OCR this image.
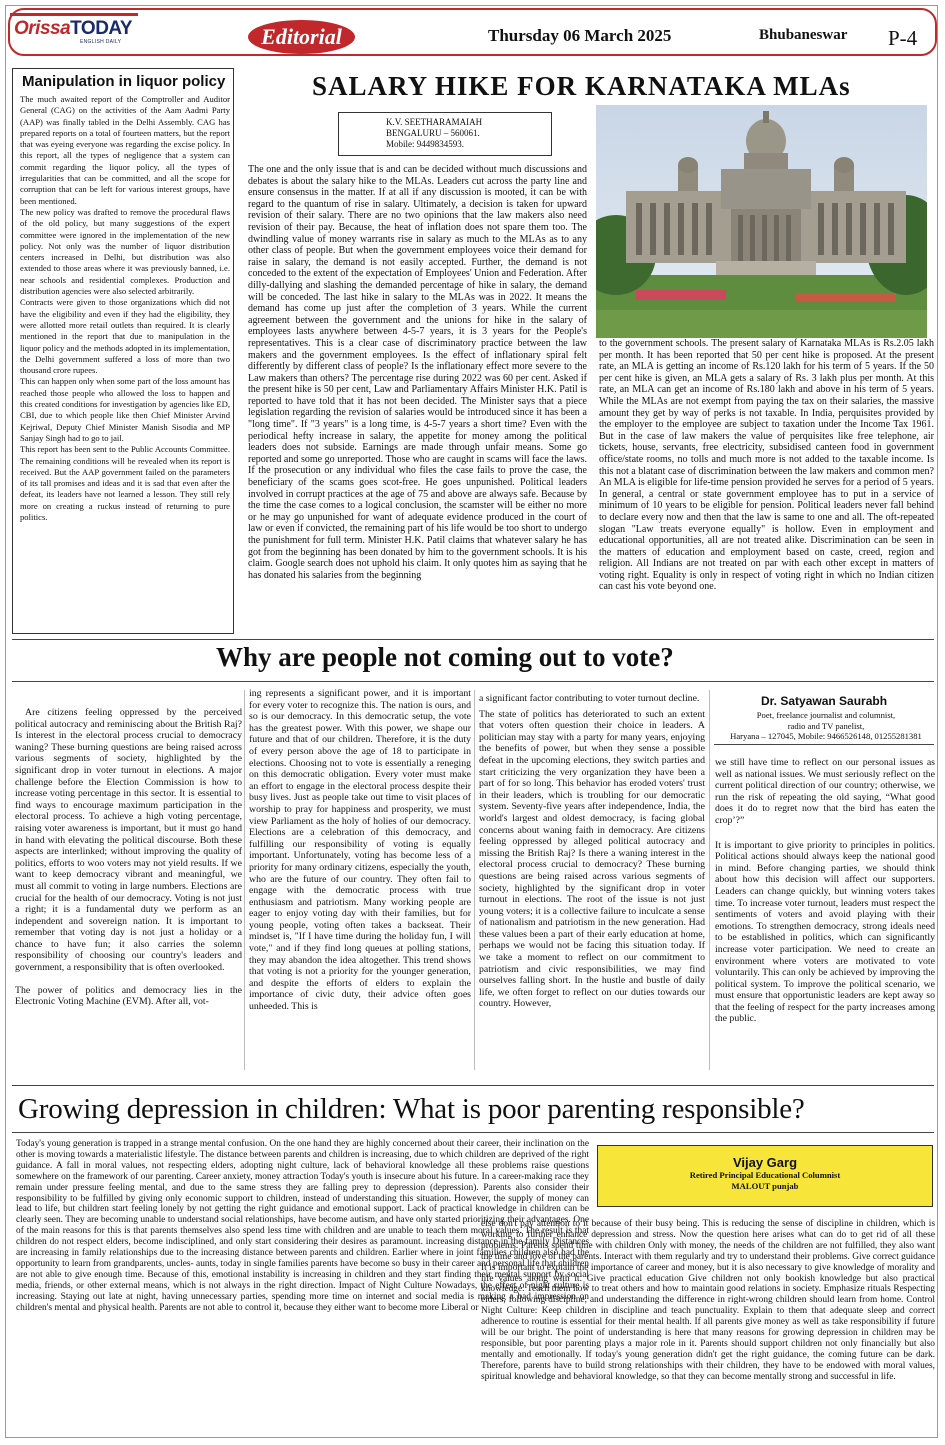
OrissaTODAY
ENGLISH DAILY	Editorial	Thursday 06 March 2025	Bhubaneswar P-4
Manipulation in liquor policy

The much awaited report of the Comptroller and Auditor General (CAG) on the activities of the Aam Aadmi Party (AAP) was finally tabled in the Delhi Assembly. CAG has prepared reports on a total of fourteen matters, but the report that was eyeing everyone was regarding the excise policy. In this report, all the types of negligence that a system can commit regarding the liquor policy, all the types of irregularities that can be committed, and all the scope for corruption that can be left for various interest groups, have been mentioned.

The new policy was drafted to remove the procedural flaws of the old policy, but many suggestions of the expert committee were ignored in the implementation of the new policy. Not only was the number of liquor distribution centers increased in Delhi, but distribution was also extended to those areas where it was previously banned, i.e. near schools and residential complexes. Production and distribution agencies were also selected arbitrarily.

Contracts were given to those organizations which did not have the eligibility and even if they had the eligibility, they were allotted more retail outlets than required. It is clearly mentioned in the report that due to manipulation in the liquor policy and the methods adopted in its implementation, the Delhi government suffered a loss of more than two thousand crore rupees.

This can happen only when some part of the loss amount has reached those people who allowed the loss to happen and this created conditions for investigation by agencies like ED, CBI, due to which people like then Chief Minister Arvind Kejriwal, Deputy Chief Minister Manish Sisodia and MP Sanjay Singh had to go to jail.

This report has been sent to the Public Accounts Committee. The remaining conditions will be revealed when its report is received. But the AAP government failed on the parameters of its tall promises and ideas and it is sad that even after the defeat, its leaders have not learned a lesson. They still rely more on creating a ruckus instead of returning to pure politics.

SALARY HIKE FOR KARNATAKA MLAs
K.V. SEETHARAMAIAH
BENGALURU – 560061.
Mobile: 9449834593.
The one and the only issue that is and can be decided without much discussions and debates is about the salary hike to the MLAs. Leaders cut across the party line and ensure consensus in the matter. If at all if any discussion is mooted, it can be with regard to the quantum of rise in salary. Ultimately, a decision is taken for upward revision of their salary. There are no two opinions that the law makers also need revision of their pay. Because, the heat of inflation does not spare them too. The dwindling value of money warrants rise in salary as much to the MLAs as to any other class of people. But when the government employees voice their demand for raise in salary, the demand is not easily accepted. Further, the demand is not conceded to the extent of the expectation of Employees' Union and Federation. After dilly-dallying and slashing the demanded percentage of hike in salary, the demand will be conceded. The last hike in salary to the MLAs was in 2022. It means the demand has come up just after the completion of 3 years. While the current agreement between the government and the unions for hike in the salary of employees lasts anywhere between 4-5-7 years, it is 3 years for the People's representatives. This is a clear case of discriminatory practice between the law makers and the government employees. Is the effect of inflationary spiral felt differently by different class of people? Is the inflationary effect more severe to the Law makers than others? The percentage rise during 2022 was 60 per cent. Asked if the present hike is 50 per cent, Law and Parliamentary Affairs Minister H.K. Patil is reported to have told that it has not been decided. The Minister says that a piece legislation regarding the revision of salaries would be introduced since it has been a "long time". If "3 years" is a long time, is 4-5-7 years a short time? Even with the periodical hefty increase in salary, the appetite for money among the political leaders does not subside. Earnings are made through unfair means. Some go reported and some go unreported. Those who are caught in scams will face the laws. If the prosecution or any individual who files the case fails to prove the case, the beneficiary of the scams goes scot-free. He goes unpunished. Political leaders involved in corrupt practices at the age of 75 and above are always safe. Because by the time the case comes to a logical conclusion, the scamster will be either no more or he may go unpunished for want of adequate evidence produced in the court of law or even if convicted, the remaining part of his life would be too short to undergo the punishment for full term. Minister H.K. Patil claims that whatever salary he has got from the beginning has been donated by him to the government schools. It is his claim. Google search does not uphold his claim. It only quotes him as saying that he has donated his salaries from the beginning
to the government schools. The present salary of Karnataka MLAs is Rs.2.05 lakh per month. It has been reported that 50 per cent hike is proposed. At the present rate, an MLA is getting an income of Rs.120 lakh for his term of 5 years. If the 50 per cent hike is given, an MLA gets a salary of Rs. 3 lakh plus per month. At this rate, an MLA can get an income of Rs.180 lakh and above in his term of 5 years. While the MLAs are not exempt from paying the tax on their salaries, the massive amount they get by way of perks is not taxable. In India, perquisites provided by the employer to the employee are subject to taxation under the Income Tax 1961. But in the case of law makers the value of perquisites like free telephone, air tickets, house, servants, free electricity, subsidised canteen food in government office/state rooms, no tolls and much more is not added to the taxable income. Is this not a blatant case of discrimination between the law makers and common men? An MLA is eligible for life-time pension provided he serves for a period of 5 years. In general, a central or state government employee has to put in a service of minimum of 10 years to be eligible for pension. Political leaders never fall behind to declare every now and then that the law is same to one and all. The oft-repeated slogan "Law treats everyone equally" is hollow. Even in employment and educational opportunities, all are not treated alike. Discrimination can be seen in the matters of education and employment based on caste, creed, region and religion. All Indians are not treated on par with each other except in matters of voting right. Equality is only in respect of voting right in which no Indian citizen can cast his vote beyond one.
Why are people not coming out to vote?

Are citizens feeling oppressed by the perceived political autocracy and reminiscing about the British Raj? Is interest in the electoral process crucial to democracy waning? These burning questions are being raised across various segments of society, highlighted by the significant drop in voter turnout in elections. A major challenge before the Election Commission is how to increase voting percentage in this sector. It is essential to find ways to encourage maximum participation in the electoral process. To achieve a high voting percentage, raising voter awareness is important, but it must go hand in hand with elevating the political discourse. Both these aspects are interlinked; without improving the quality of politics, efforts to woo voters may not yield results. If we want to keep democracy vibrant and meaningful, we must all commit to voting in large numbers. Elections are crucial for the health of our democracy. Voting is not just a right; it is a fundamental duty we perform as an independent and sovereign nation. It is important to remember that voting day is not just a holiday or a chance to have fun; it also carries the solemn responsibility of choosing our country's leaders and government, a responsibility that is often overlooked.

The power of politics and democracy lies in the Electronic Voting Machine (EVM). After all, vot-

ing represents a significant power, and it is important for every voter to recognize this. The nation is ours, and so is our democracy. In this democratic setup, the vote has the greatest power. With this power, we shape our future and that of our children. Therefore, it is the duty of every person above the age of 18 to participate in elections. Choosing not to vote is essentially a reneging on this democratic obligation. Every voter must make an effort to engage in the electoral process despite their busy lives. Just as people take out time to visit places of worship to pray for happiness and prosperity, we must view Parliament as the holy of holies of our democracy. Elections are a celebration of this democracy, and fulfilling our responsibility of voting is equally important. Unfortunately, voting has become less of a priority for many ordinary citizens, especially the youth, who are the future of our country. They often fail to engage with the democratic process with true enthusiasm and patriotism. Many working people are eager to enjoy voting day with their families, but for young people, voting often takes a backseat. Their mindset is, "If I have time during the holiday fun, I will vote," and if they find long queues at polling stations, they may abandon the idea altogether. This trend shows that voting is not a priority for the younger generation, and despite the efforts of elders to explain the importance of civic duty, their advice often goes unheeded. This is

a significant factor contributing to voter turnout decline.

The state of politics has deteriorated to such an extent that voters often question their choice in leaders. A politician may stay with a party for many years, enjoying the benefits of power, but when they sense a possible defeat in the upcoming elections, they switch parties and start criticizing the very organization they have been a part of for so long. This behavior has eroded voters' trust in their leaders, which is troubling for our democratic system. Seventy-five years after independence, India, the world's largest and oldest democracy, is facing global concerns about waning faith in democracy. Are citizens feeling oppressed by alleged political autocracy and missing the British Raj? Is there a waning interest in the electoral process crucial to democracy? These burning questions are being raised across various segments of society, highlighted by the significant drop in voter turnout in elections. The root of the issue is not just young voters; it is a collective failure to inculcate a sense of nationalism and patriotism in the new generation. Had these values been a part of their early education at home, perhaps we would not be facing this situation today. If we take a moment to reflect on our commitment to patriotism and civic responsibilities, we may find ourselves falling short. In the hustle and bustle of daily life, we often forget to reflect on our duties towards our country. However,

Dr. Satyawan Saurabh
Poet, freelance journalist and columnist,
radio and TV panelist,
Haryana – 127045, Mobile: 9466526148, 01255281381

we still have time to reflect on our personal issues as well as national issues. We must seriously reflect on the current political direction of our country; otherwise, we run the risk of repeating the old saying, “What good does it do to regret now that the bird has eaten the crop’?”

It is important to give priority to principles in politics. Political actions should always keep the national good in mind. Before changing parties, we should think about how this decision will affect our supporters. Leaders can change quickly, but winning voters takes time. To increase voter turnout, leaders must respect the sentiments of voters and avoid playing with their emotions. To strengthen democracy, strong ideals need to be established in politics, which can significantly increase voter participation. We need to create an environment where voters are motivated to vote voluntarily. This can only be achieved by improving the political system. To improve the political scenario, we must ensure that opportunistic leaders are kept away so that the feeling of respect for the party increases among the public.

Growing depression in children: What is poor parenting responsible?
Today's young generation is trapped in a strange mental confusion. On the one hand they are highly concerned about their career, their inclination on the other is moving towards a materialistic lifestyle. The distance between parents and children is increasing, due to which children are deprived of the right guidance. A fall in moral values, not respecting elders, adopting night culture, lack of behavioral knowledge all these problems raise questions somewhere on the framework of our parenting. Career anxiety, money attraction Today's youth is insecure about his future. In a career-making race they remain under pressure feeling mental, and due to the same stress they are falling prey to depression (depression). Parents also consider their responsibility to be fulfilled by giving only economic support to children, instead of understanding this situation. However, the supply of money can lead to life, but children start feeling lonely by not getting the right guidance and emotional support. Lack of practical knowledge in children can be clearly seen. They are becoming unable to understand social relationships, have become autism, and have only started prioritizing their advantages. One of the main reasons for this is that parents themselves also spend less time with children and are unable to teach them moral values. The result is that children do not respect elders, become indisciplined, and only start considering their desires as paramount. increasing distance in the family Distances are increasing in family relationships due to the increasing distance between parents and children. Earlier where in joint families children also had the opportunity to learn from grandparents, uncles- aunts, today in single families parents have become so busy in their career and personal life that children are not able to give enough time. Because of this, emotional instability is increasing in children and they start finding their mental support by social media, friends, or other external means, which is not always in the right direction. Impact of Night Culture Nowadays, the effect of night culture is increasing. Staying out late at night, having unnecessary parties, spending more time on internet and social media is making a bad impression on children's mental and physical health. Parents are not able to control it, because they either want to become more Liberal or
Vijay Garg
Retired Principal Educational Columnist
MALOUT punjab
else don't pay attention to it because of their busy being. This is reducing the sense of discipline in children, which is working to further enhance depression and stress. Now the question here arises what can do to get rid of all these problems. Parents spend time with children Only with money, the needs of the children are not fulfilled, they also want the time and love of the parents. Interact with them regularly and try to understand their problems. Give correct guidance It is important to explain the importance of career and money, but it is also necessary to give knowledge of morality and life values along with it. Give practical education Give children not only bookish knowledge but also practical knowledge. Teach them how to treat others and how to maintain good relations in society. Emphasize rituals Respecting elders, following discipline, and understanding the difference in right-wrong children should learn from home. Control Night Culture: Keep children in discipline and teach punctuality. Explain to them that adequate sleep and correct adherence to routine is essential for their mental health. If all parents give money as well as take responsibility if future will be our bright. The point of understanding is here that many reasons for growing depression in children may be responsible, but poor parenting plays a major role in it. Parents should support children not only financially but also mentally and emotionally. If today's young generation didn't get the right guidance, the coming future can be dark. Therefore, parents have to build strong relationships with their children, they have to be endowed with moral values, spiritual knowledge and behavioral knowledge, so that they can become mentally strong and successful in life.
